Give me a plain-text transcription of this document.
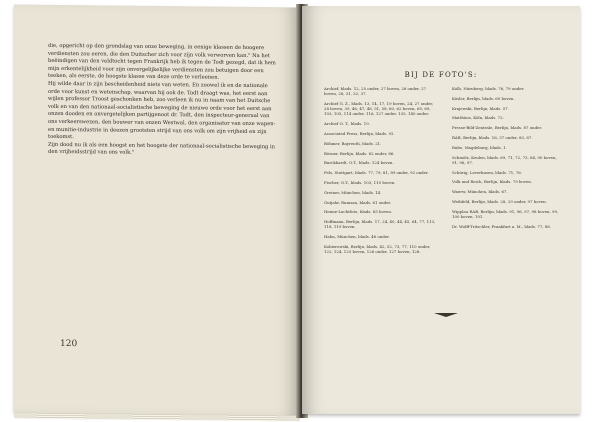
die, opgericht op den grondslag van onze beweging, in eenige klassen de hoogere verdiensten zou eeren, die den Duitscher zich voor zijn volk verworven kan." Na het beëindigen van den veldtocht tegen Frankrijk heb ik tegen de Todt gezegd, dat ik hem mijn erkentelijkheid voor zijn onvergelijkelijke verdiensten zou betuigen door een teeken, als eerste, de hoogste klasse van deze orde te verleenen.

Hij wilde daar in zijn bescheidenheid niets van weten. En zoowel ik en de nationale orde voor kunst en wetenschap, waarvan hij ook de. Todt draagt was, het eerst aan wijlen professor Troost geschonken heb, zoo verleen ik nu in naam van het Duitsche volk en van den nationaal-socialistische beweging de nieuwe orde voor het eerst aan onzen dooden en onvergetelijken partijgenoot dr. Todt, den inspecteur-generaal van ons verkeerswezen, den bouwer van onzen Westwal, den organisator van onze wapen- en munitie-industrie in deezen grootsten strijd van ons volk om zijn vrijheid en zijn toekomst.

Zijn dood nu ik als een hoogst en het hoogste der nationaal-socialistische beweging in den vrijheidsstrijd van ons volk."

120
BIJ DE FOTO'S:
Archief, blads. 12, 25 onder, 27 boven, 28 onder, 27 boven, 28, 31, 32, 37.
Archief G. Z., blads. 13, 14, 17, 19 boven, 24, 27 onder, 28 boven, 39, 46, 47, 48, 51, 58, 60, 62 boven, 65, 69, 103, 105, 114 onder, 116, 127 onder, 135, 140 onder.
Archief O. T., blads. 19.
Associated Press, Berlijn, blads. 91.
Böhmer, Bayreuth, blads. 21.
Bösner, Berlijn, blads. 82 onder, 86.
Burckhardt, O.T., blads. 124 boven.
Fels, Stuttgart, blads. 77, 79, 81, 89 onder, 92 onder.
Fischer, O.T., blads. 103, 110 boven.
Greiner, München, blads. 14.
Gutjahr, Rumsan, blads. 61 onder.
Henne-Luchtfoto, blads. 85 boven.
Hoffmann, Berlijn, blads. 17, 24, 40, 44, 45, 64, 77, 113, 118, 119 boven.
Hahn, München, blads. 46 onder.
Kobierowski, Berlijn, blads. 42, 52, 73, 77, 110 onder, 122, 124, 125 boven, 126 onder, 127 boven, 128.
Kolb, Nürnberg, blads. 76, 79 onder.
Kösler, Berlijn, blads. 69 boven.
Krajewski, Berlijn, blads. 57.
Matthäus, Köln, blads. 72.
Presse-Bild-Zentrale, Berlijn, blads. 87 onder.
RAB, Berlijn, blads. 16, 37 onder, 83, 87.
Rube, Magdeburg, blads. 1.
Schmölz, Keulen, blads. 69, 71, 72, 73, 84, 90 boven, 91, 96, 97.
Schürig, Leverkusen, blads. 71, 76.
Volk und Reich, Berlijn, blads. 79 boven.
Waerw, München, blads. 67.
Weihfeld, Berlijn, blads. 28, 29 onder, 97 boven.
Wipplau RAB, Berlijn, blads. 91, 96, 97, 98 boven, 99, 100 boven, 101.
Dr. Wolff-Tritschler, Frankfurt a. M., blads. 77, 88.
